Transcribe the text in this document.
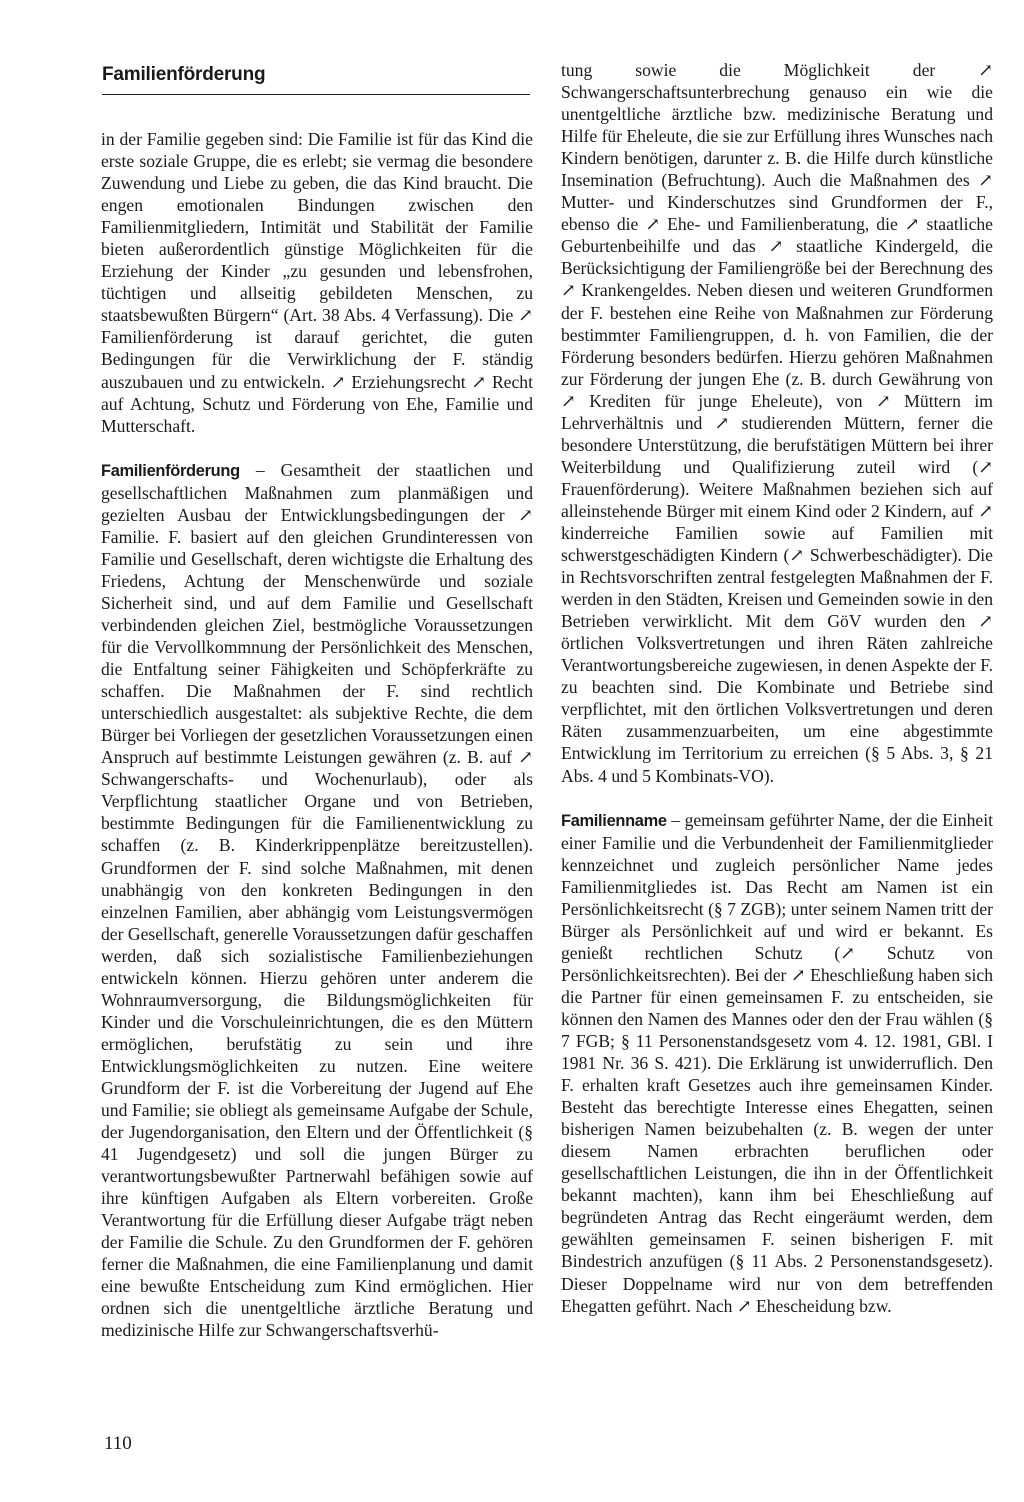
Familienförderung

in der Familie gegeben sind: Die Familie ist für das Kind die erste soziale Gruppe, die es erlebt; sie vermag die besondere Zuwendung und Liebe zu geben, die das Kind braucht. Die engen emotionalen Bindungen zwischen den Familienmitgliedern, Intimität und Stabilität der Familie bieten außerordentlich günstige Möglichkeiten für die Erziehung der Kinder „zu gesunden und lebensfrohen, tüchtigen und allseitig gebildeten Menschen, zu staatsbewußten Bürgern“ (Art. 38 Abs. 4 Verfassung). Die ↗ Familienförderung ist darauf gerichtet, die guten Bedingungen für die Verwirklichung der F. ständig auszubauen und zu entwickeln. ↗ Erziehungsrecht ↗ Recht auf Achtung, Schutz und Förderung von Ehe, Familie und Mutterschaft.

Familienförderung – Gesamtheit der staatlichen und gesellschaftlichen Maßnahmen zum planmäßigen und gezielten Ausbau der Entwicklungsbedingungen der ↗ Familie. F. basiert auf den gleichen Grundinteressen von Familie und Gesellschaft, deren wichtigste die Erhaltung des Friedens, Achtung der Menschenwürde und soziale Sicherheit sind, und auf dem Familie und Gesellschaft verbindenden gleichen Ziel, bestmögliche Voraussetzungen für die Vervollkommnung der Persönlichkeit des Menschen, die Entfaltung seiner Fähigkeiten und Schöpferkräfte zu schaffen. Die Maßnahmen der F. sind rechtlich unterschiedlich ausgestaltet: als subjektive Rechte, die dem Bürger bei Vorliegen der gesetzlichen Voraussetzungen einen Anspruch auf bestimmte Leistungen gewähren (z. B. auf ↗ Schwangerschafts- und Wochenurlaub), oder als Verpflichtung staatlicher Organe und von Betrieben, bestimmte Bedingungen für die Familienentwicklung zu schaffen (z. B. Kinderkrippenplätze bereitzustellen). Grundformen der F. sind solche Maßnahmen, mit denen unabhängig von den konkreten Bedingungen in den einzelnen Familien, aber abhängig vom Leistungsvermögen der Gesellschaft, generelle Voraussetzungen dafür geschaffen werden, daß sich sozialistische Familienbeziehungen entwickeln können. Hierzu gehören unter anderem die Wohnraumversorgung, die Bildungsmöglichkeiten für Kinder und die Vorschuleinrichtungen, die es den Müttern ermöglichen, berufstätig zu sein und ihre Entwicklungsmöglichkeiten zu nutzen. Eine weitere Grundform der F. ist die Vorbereitung der Jugend auf Ehe und Familie; sie obliegt als gemeinsame Aufgabe der Schule, der Jugendorganisation, den Eltern und der Öffentlichkeit (§ 41 Jugendgesetz) und soll die jungen Bürger zu verantwortungsbewußter Partnerwahl befähigen sowie auf ihre künftigen Aufgaben als Eltern vorbereiten. Große Verantwortung für die Erfüllung dieser Aufgabe trägt neben der Familie die Schule. Zu den Grundformen der F. gehören ferner die Maßnahmen, die eine Familienplanung und damit eine bewußte Entscheidung zum Kind ermöglichen. Hier ordnen sich die unentgeltliche ärztliche Beratung und medizinische Hilfe zur Schwangerschaftsverhü-

tung sowie die Möglichkeit der ↗ Schwangerschaftsunterbrechung genauso ein wie die unentgeltliche ärztliche bzw. medizinische Beratung und Hilfe für Eheleute, die sie zur Erfüllung ihres Wunsches nach Kindern benötigen, darunter z. B. die Hilfe durch künstliche Insemination (Befruchtung). Auch die Maßnahmen des ↗ Mutter- und Kinderschutzes sind Grundformen der F., ebenso die ↗ Ehe- und Familienberatung, die ↗ staatliche Geburtenbeihilfe und das ↗ staatliche Kindergeld, die Berücksichtigung der Familiengröße bei der Berechnung des ↗ Krankengeldes. Neben diesen und weiteren Grundformen der F. bestehen eine Reihe von Maßnahmen zur Förderung bestimmter Familiengruppen, d. h. von Familien, die der Förderung besonders bedürfen. Hierzu gehören Maßnahmen zur Förderung der jungen Ehe (z. B. durch Gewährung von ↗ Krediten für junge Eheleute), von ↗ Müttern im Lehrverhältnis und ↗ studierenden Müttern, ferner die besondere Unterstützung, die berufstätigen Müttern bei ihrer Weiterbildung und Qualifizierung zuteil wird (↗ Frauenförderung). Weitere Maßnahmen beziehen sich auf alleinstehende Bürger mit einem Kind oder 2 Kindern, auf ↗ kinderreiche Familien sowie auf Familien mit schwerstgeschädigten Kindern (↗ Schwerbeschädigter). Die in Rechtsvorschriften zentral festgelegten Maßnahmen der F. werden in den Städten, Kreisen und Gemeinden sowie in den Betrieben verwirklicht. Mit dem GöV wurden den ↗ örtlichen Volksvertretungen und ihren Räten zahlreiche Verantwortungsbereiche zugewiesen, in denen Aspekte der F. zu beachten sind. Die Kombinate und Betriebe sind verpflichtet, mit den örtlichen Volksvertretungen und deren Räten zusammenzuarbeiten, um eine abgestimmte Entwicklung im Territorium zu erreichen (§ 5 Abs. 3, § 21 Abs. 4 und 5 Kombinats-VO).

Familienname – gemeinsam geführter Name, der die Einheit einer Familie und die Verbundenheit der Familienmitglieder kennzeichnet und zugleich persönlicher Name jedes Familienmitgliedes ist. Das Recht am Namen ist ein Persönlichkeitsrecht (§ 7 ZGB); unter seinem Namen tritt der Bürger als Persönlichkeit auf und wird er bekannt. Es genießt rechtlichen Schutz (↗ Schutz von Persönlichkeitsrechten). Bei der ↗ Eheschließung haben sich die Partner für einen gemeinsamen F. zu entscheiden, sie können den Namen des Mannes oder den der Frau wählen (§ 7 FGB; § 11 Personenstandsgesetz vom 4. 12. 1981, GBl. I 1981 Nr. 36 S. 421). Die Erklärung ist unwiderruflich. Den F. erhalten kraft Gesetzes auch ihre gemeinsamen Kinder. Besteht das berechtigte Interesse eines Ehegatten, seinen bisherigen Namen beizubehalten (z. B. wegen der unter diesem Namen erbrachten beruflichen oder gesellschaftlichen Leistungen, die ihn in der Öffentlichkeit bekannt machten), kann ihm bei Eheschließung auf begründeten Antrag das Recht eingeräumt werden, dem gewählten gemeinsamen F. seinen bisherigen F. mit Bindestrich anzufügen (§ 11 Abs. 2 Personenstandsgesetz). Dieser Doppelname wird nur von dem betreffenden Ehegatten geführt. Nach ↗ Ehescheidung bzw.

110
